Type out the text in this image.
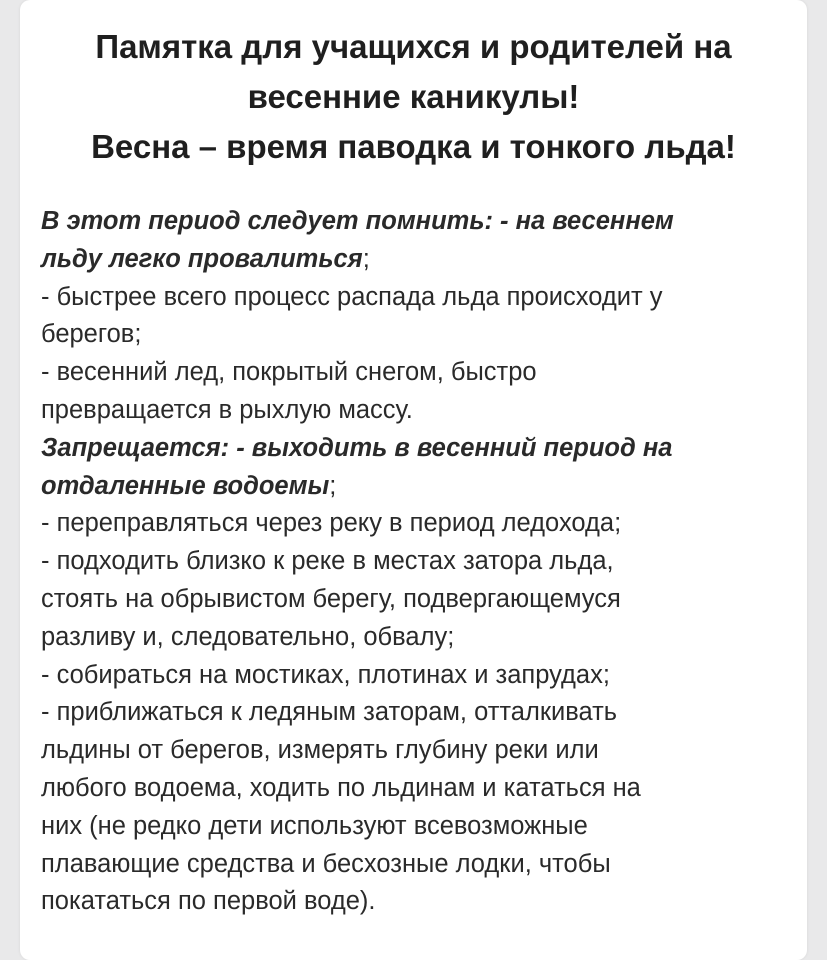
Памятка для учащихся и родителей на
весенние каникулы!
Весна – время паводка и тонкого льда!
В этот период следует помнить: - на весеннем
льду легко провалиться;
- быстрее всего процесс распада льда происходит у
берегов;
- весенний лед, покрытый снегом, быстро
превращается в рыхлую массу.
Запрещается: - выходить в весенний период на
отдаленные водоемы;
- переправляться через реку в период ледохода;
- подходить близко к реке в местах затора льда,
стоять на обрывистом берегу, подвергающемуся
разливу и, следовательно, обвалу;
- собираться на мостиках, плотинах и запрудах;
- приближаться к ледяным заторам, отталкивать
льдины от берегов, измерять глубину реки или
любого водоема, ходить по льдинам и кататься на
них (не редко дети используют всевозможные
плавающие средства и бесхозные лодки, чтобы
покататься по первой воде).
